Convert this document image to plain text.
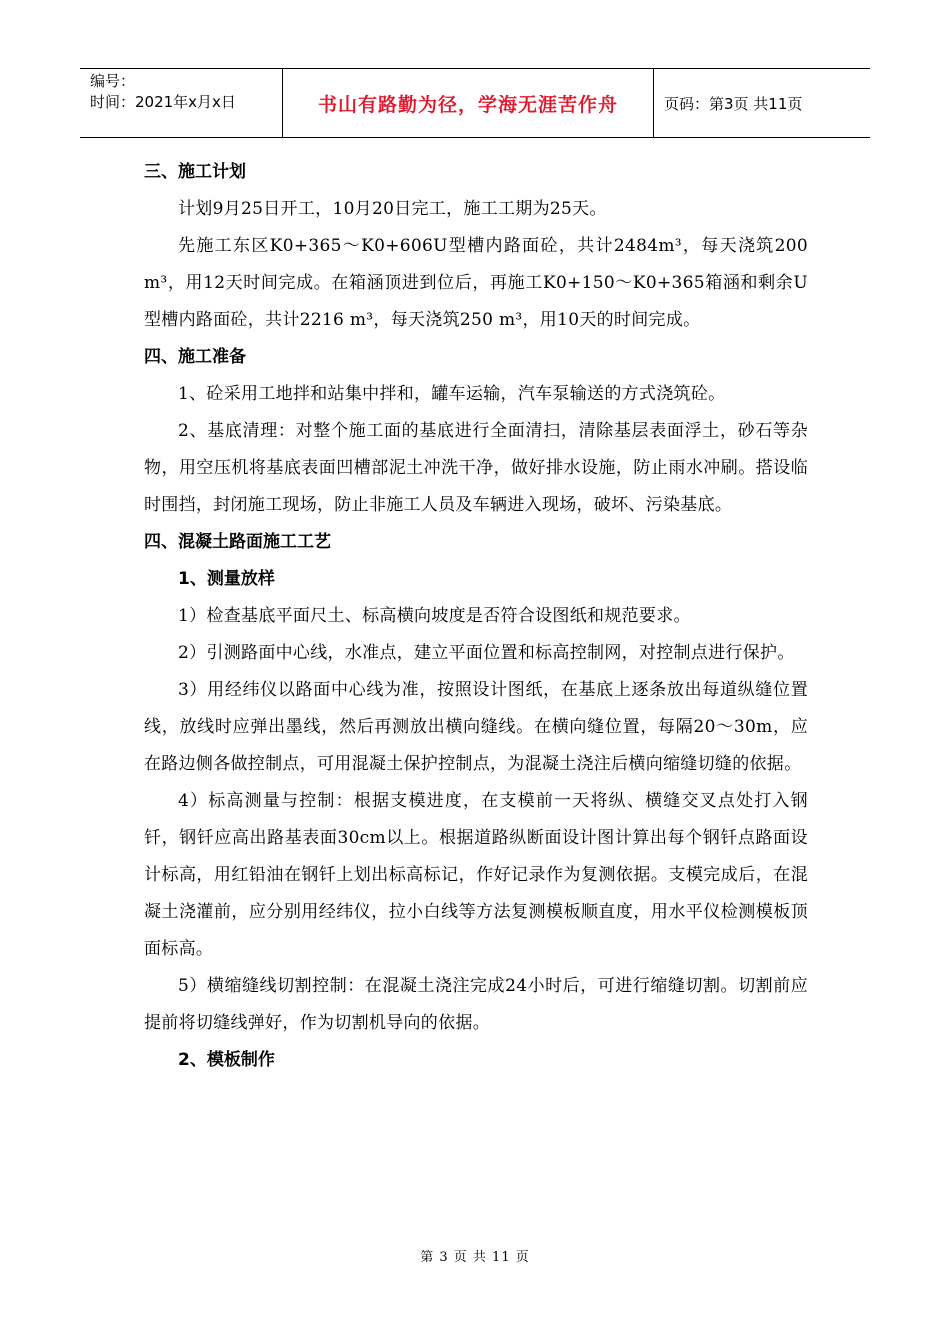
编号：
时间：2021年x月x日	书山有路勤为径，学海无涯苦作舟	页码：第3页 共11页
三、施工计划

计划9月25日开工，10月20日完工，施工工期为25天。

先施工东区K0+365～K0+606U型槽内路面砼，共计2484m³，每天浇筑200 m³，用12天时间完成。在箱涵顶进到位后，再施工K0+150～K0+365箱涵和剩余U型槽内路面砼，共计2216 m³，每天浇筑250 m³，用10天的时间完成。

四、施工准备

1、砼采用工地拌和站集中拌和，罐车运输，汽车泵输送的方式浇筑砼。

2、基底清理：对整个施工面的基底进行全面清扫，清除基层表面浮土，砂石等杂物，用空压机将基底表面凹槽部泥土冲洗干净，做好排水设施，防止雨水冲刷。搭设临时围挡，封闭施工现场，防止非施工人员及车辆进入现场，破坏、污染基底。

四、混凝土路面施工工艺
1、测量放样

1）检查基底平面尺土、标高横向坡度是否符合设图纸和规范要求。

2）引测路面中心线，水准点，建立平面位置和标高控制网，对控制点进行保护。

3）用经纬仪以路面中心线为准，按照设计图纸，在基底上逐条放出每道纵缝位置线，放线时应弹出墨线，然后再测放出横向缝线。在横向缝位置，每隔20～30m，应在路边侧各做控制点，可用混凝土保护控制点，为混凝土浇注后横向缩缝切缝的依据。

4）标高测量与控制：根据支模进度，在支模前一天将纵、横缝交叉点处打入钢钎，钢钎应高出路基表面30cm以上。根据道路纵断面设计图计算出每个钢钎点路面设计标高，用红铅油在钢钎上划出标高标记，作好记录作为复测依据。支模完成后，在混凝土浇灌前，应分别用经纬仪，拉小白线等方法复测模板顺直度，用水平仪检测模板顶面标高。

5）横缩缝线切割控制：在混凝土浇注完成24小时后，可进行缩缝切割。切割前应提前将切缝线弹好，作为切割机导向的依据。

2、模板制作
第 3 页 共 11 页
